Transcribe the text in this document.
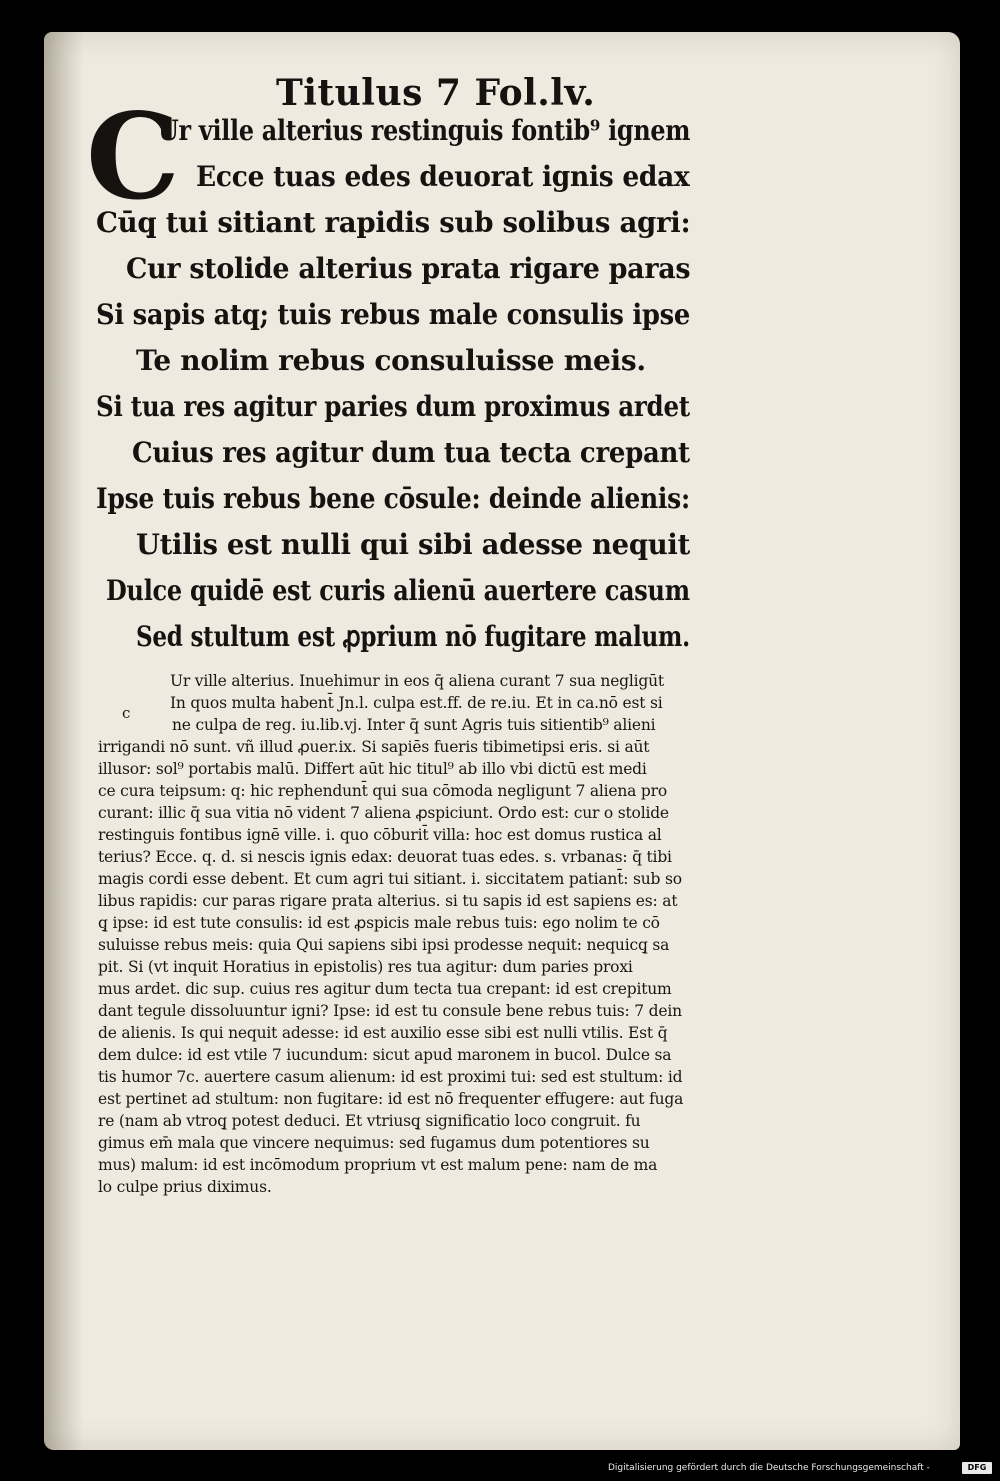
Titulus 7 Fol.lv.
C
Ur ville alterius restinguis fontib⁹ ignem
Ecce tuas edes deuorat ignis edax
Cūq̧ tui sitiant rapidis sub solibus agri:
Cur stolide alterius prata rigare paras
Si sapis atq; tuis rebus male consulis ipse
Te nolim rebus consuluisse meis.
Si tua res agitur paries dum proximus ardet
Cuius res agitur dum tua tecta crepant
Ipse tuis rebus bene cōsule: deinde alienis:
Utilis est nulli qui sibi adesse nequit
Dulce quidē est curis alienū auertere casum
Sed stultum est ꝓprium nō fugitare malum.
c
Ur ville alterius. Inuehimur in eos q̄ aliena curant 7 sua negligūt
In quos multa habent̄ Jn.l. culpa est.ff. de re.iu. Et in ca.nō est si
ne culpa de reg. iu.lib.vj. Inter q̄ sunt Agris tuis sitientib⁹ alieni
irrigandi nō sunt. vñ illud ꝓuer.ix. Si sapiēs fueris tibimetipsi eris. si aūt
illusor: sol⁹ portabis malū. Differt aūt hic titul⁹ ab illo vbi dictū est medi
ce cura teipsum: q: hic rephendunt̄ qui sua cōmoda negligunt 7 aliena pro
curant: illic q̄ sua vitia nō vident 7 aliena ꝓspiciunt. Ordo est: cur o stolide
restinguis fontibus ignē ville. i. quo cōburit̄ villa: hoc est domus rustica al
terius? Ecce. q. d. si nescis ignis edax: deuorat tuas edes. s. vrbanas: q̄ tibi
magis cordi esse debent. Et cum agri tui sitiant. i. siccitatem patiant̄: sub so
libus rapidis: cur paras rigare prata alterius. si tu sapis id est sapiens es: at
q̧ ipse: id est tute consulis: id est ꝓspicis male rebus tuis: ego nolim te cō
suluisse rebus meis: quia Qui sapiens sibi ipsi prodesse nequit: nequicq̧ sa
pit. Si (vt inquit Horatius in epistolis) res tua agitur: dum paries proxi
mus ardet. dic sup. cuius res agitur dum tecta tua crepant: id est crepitum
dant tegule dissoluuntur igni? Ipse: id est tu consule bene rebus tuis: 7 dein
de alienis. Is qui nequit adesse: id est auxilio esse sibi est nulli vtilis. Est q̄
dem dulce: id est vtile 7 iucundum: sicut apud maronem in bucol. Dulce sa
tis humor 7c. auertere casum alienum: id est proximi tui: sed est stultum: id
est pertinet ad stultum: non fugitare: id est nō frequenter effugere: aut fuga
re (nam ab vtroq̧ potest deduci. Et vtriusq̧ significatio loco congruit. fu
gimus em̄ mala que vincere nequimus: sed fugamus dum potentiores su
mus) malum: id est incōmodum proprium vt est malum pene: nam de ma
lo culpe prius diximus.
Digitalisierung gefördert durch die Deutsche Forschungsgemeinschaft -	DFG
